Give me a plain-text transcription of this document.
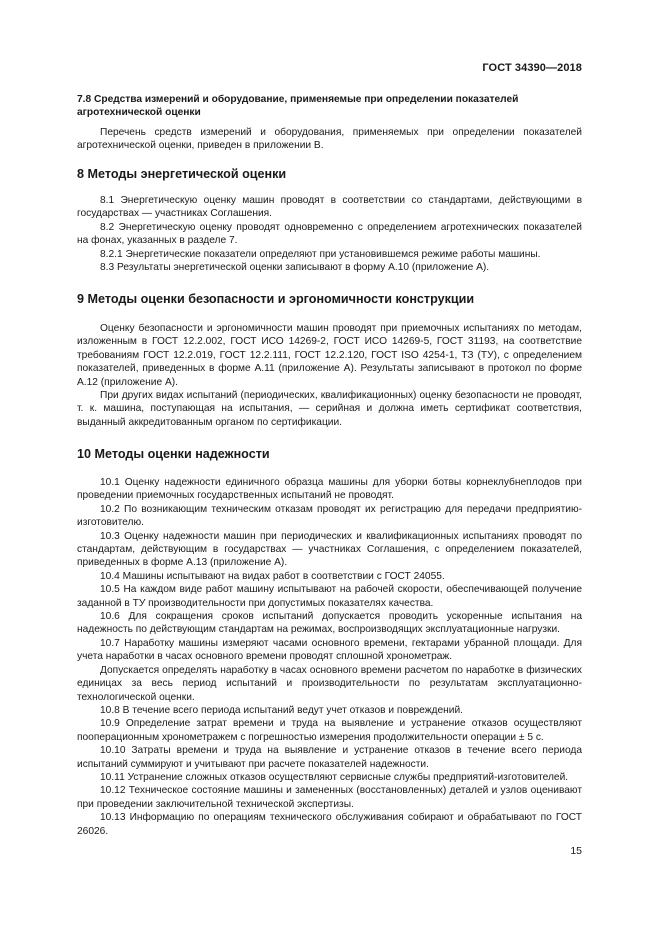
ГОСТ 34390—2018
7.8 Средства измерений и оборудование, применяемые при определении показателей агротехнической оценки

Перечень средств измерений и оборудования, применяемых при определении показателей агротехнической оценки, приведен в приложении В.

8 Методы энергетической оценки

8.1 Энергетическую оценку машин проводят в соответствии со стандартами, действующими в государствах — участниках Соглашения.

8.2 Энергетическую оценку проводят одновременно с определением агротехнических показателей на фонах, указанных в разделе 7.

8.2.1 Энергетические показатели определяют при установившемся режиме работы машины.

8.3 Результаты энергетической оценки записывают в форму А.10 (приложение А).

9 Методы оценки безопасности и эргономичности конструкции

Оценку безопасности и эргономичности машин проводят при приемочных испытаниях по методам, изложенным в ГОСТ 12.2.002, ГОСТ ИСО 14269-2, ГОСТ ИСО 14269-5, ГОСТ 31193, на соответствие требованиям ГОСТ 12.2.019, ГОСТ 12.2.111, ГОСТ 12.2.120, ГОСТ ISO 4254-1, ТЗ (ТУ), с определением показателей, приведенных в форме А.11 (приложение А). Результаты записывают в протокол по форме А.12 (приложение А).

При других видах испытаний (периодических, квалификационных) оценку безопасности не проводят, т. к. машина, поступающая на испытания, — серийная и должна иметь сертификат соответствия, выданный аккредитованным органом по сертификации.

10 Методы оценки надежности

10.1 Оценку надежности единичного образца машины для уборки ботвы корнеклубнеплодов при проведении приемочных государственных испытаний не проводят.

10.2 По возникающим техническим отказам проводят их регистрацию для передачи предприятию-изготовителю.

10.3 Оценку надежности машин при периодических и квалификационных испытаниях проводят по стандартам, действующим в государствах — участниках Соглашения, с определением показателей, приведенных в форме А.13 (приложение А).

10.4 Машины испытывают на видах работ в соответствии с ГОСТ 24055.

10.5 На каждом виде работ машину испытывают на рабочей скорости, обеспечивающей получение заданной в ТУ производительности при допустимых показателях качества.

10.6 Для сокращения сроков испытаний допускается проводить ускоренные испытания на надежность по действующим стандартам на режимах, воспроизводящих эксплуатационные нагрузки.

10.7 Наработку машины измеряют часами основного времени, гектарами убранной площади. Для учета наработки в часах основного времени проводят сплошной хронометраж.

Допускается определять наработку в часах основного времени расчетом по наработке в физических единицах за весь период испытаний и производительности по результатам эксплуатационно-технологической оценки.

10.8 В течение всего периода испытаний ведут учет отказов и повреждений.

10.9 Определение затрат времени и труда на выявление и устранение отказов осуществляют пооперационным хронометражем с погрешностью измерения продолжительности операции ± 5 с.

10.10 Затраты времени и труда на выявление и устранение отказов в течение всего периода испытаний суммируют и учитывают при расчете показателей надежности.

10.11 Устранение сложных отказов осуществляют сервисные службы предприятий-изготовителей.

10.12 Техническое состояние машины и замененных (восстановленных) деталей и узлов оценивают при проведении заключительной технической экспертизы.

10.13 Информацию по операциям технического обслуживания собирают и обрабатывают по ГОСТ 26026.

15
